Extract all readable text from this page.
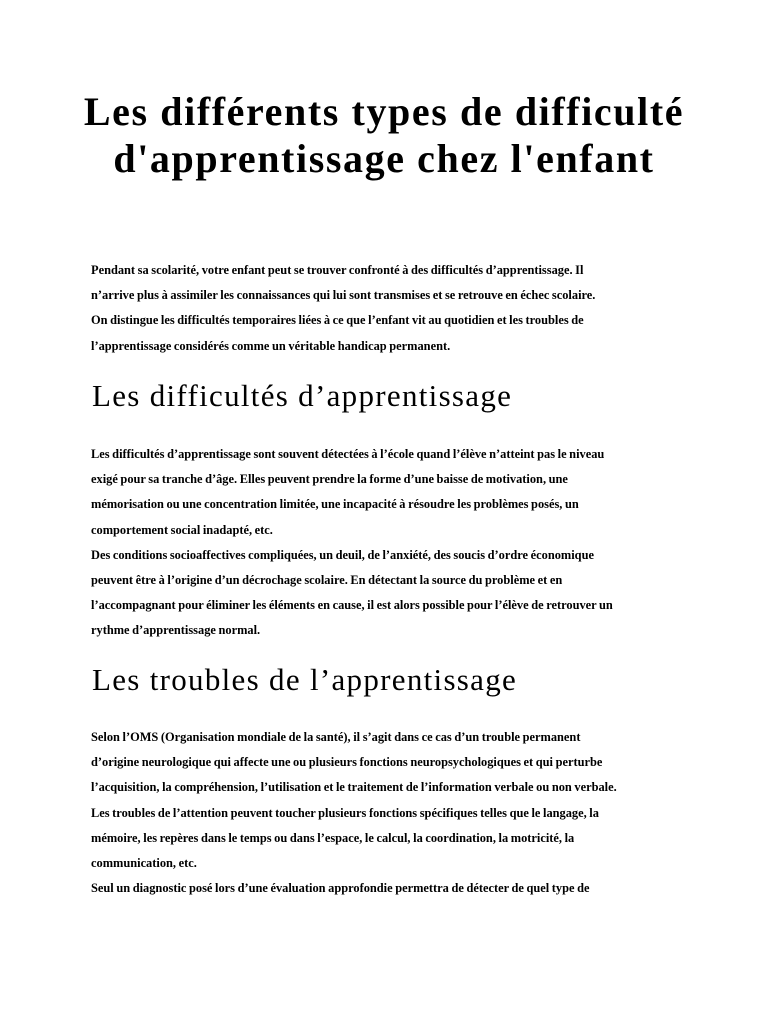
Les différents types de difficulté d'apprentissage chez l'enfant

Pendant sa scolarité, votre enfant peut se trouver confronté à des difficultés d’apprentissage. Il
n’arrive plus à assimiler les connaissances qui lui sont transmises et se retrouve en échec scolaire.
On distingue les difficultés temporaires liées à ce que l’enfant vit au quotidien et les troubles de
l’apprentissage considérés comme un véritable handicap permanent.

Les difficultés d’apprentissage

Les difficultés d’apprentissage sont souvent détectées à l’école quand l’élève n’atteint pas le niveau
exigé pour sa tranche d’âge. Elles peuvent prendre la forme d’une baisse de motivation, une
mémorisation ou une concentration limitée, une incapacité à résoudre les problèmes posés, un
comportement social inadapté, etc.
Des conditions socioaffectives compliquées, un deuil, de l’anxiété, des soucis d’ordre économique
peuvent être à l’origine d’un décrochage scolaire. En détectant la source du problème et en
l’accompagnant pour éliminer les éléments en cause, il est alors possible pour l’élève de retrouver un
rythme d’apprentissage normal.

Les troubles de l’apprentissage

Selon l’OMS (Organisation mondiale de la santé), il s’agit dans ce cas d’un trouble permanent
d’origine neurologique qui affecte une ou plusieurs fonctions neuropsychologiques et qui perturbe
l’acquisition, la compréhension, l’utilisation et le traitement de l’information verbale ou non verbale.
Les troubles de l’attention peuvent toucher plusieurs fonctions spécifiques telles que le langage, la
mémoire, les repères dans le temps ou dans l’espace, le calcul, la coordination, la motricité, la
communication, etc.
Seul un diagnostic posé lors d’une évaluation approfondie permettra de détecter de quel type de
